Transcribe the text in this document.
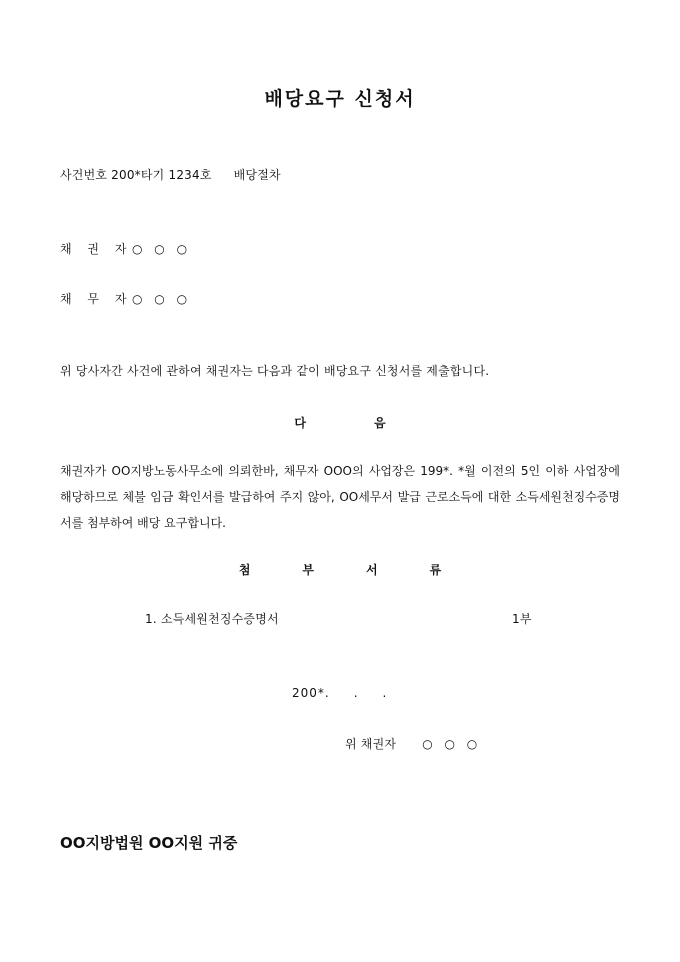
배당요구 신청서
사건번호 200*타기 1234호 배당절차
채 권 자○ ○ ○
채 무 자○ ○ ○
위 당사자간 사건에 관하여 채권자는 다음과 같이 배당요구 신청서를 제출합니다.
다	음
채권자가 OO지방노동사무소에 의뢰한바, 채무자 OOO의 사업장은 199*. *월 이전의 5인 이하 사업장에 해당하므로 체불 임금 확인서를 발급하여 주지 않아, OO세무서 발급 근로소득에 대한 소득세원천징수증명서를 첨부하여 배당 요구합니다.
첨	부	서	류
1. 소득세원천징수증명서	1부
200*. . .
위 채권자 ○ ○ ○
OO지방법원 OO지원 귀중
